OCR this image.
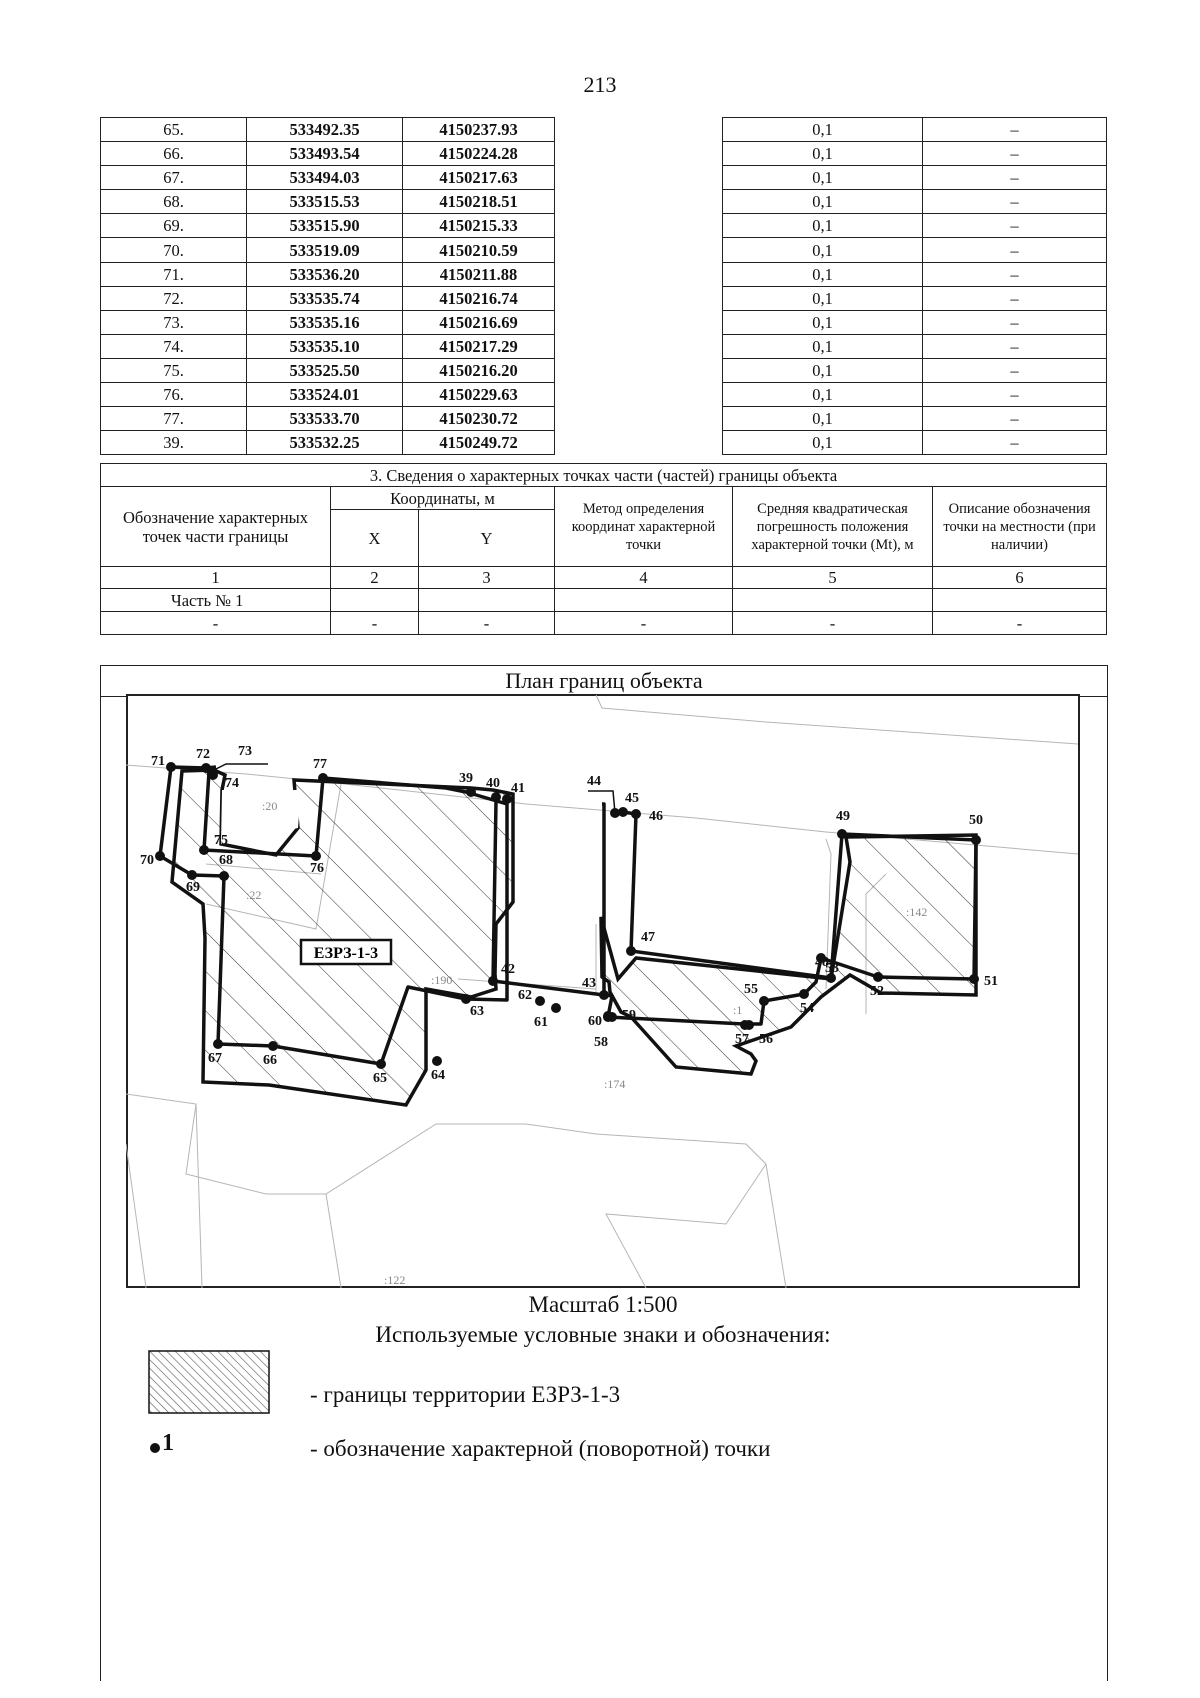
213
65.	533492.35	4150237.93		0,1	–
66.	533493.54	4150224.28		0,1	–
67.	533494.03	4150217.63		0,1	–
68.	533515.53	4150218.51		0,1	–
69.	533515.90	4150215.33		0,1	–
70.	533519.09	4150210.59		0,1	–
71.	533536.20	4150211.88		0,1	–
72.	533535.74	4150216.74		0,1	–
73.	533535.16	4150216.69		0,1	–
74.	533535.10	4150217.29		0,1	–
75.	533525.50	4150216.20		0,1	–
76.	533524.01	4150229.63		0,1	–
77.	533533.70	4150230.72		0,1	–
39.	533532.25	4150249.72		0,1	–
3. Сведения о характерных точках части (частей) границы объекта					
Обозначение характерных точек части границы	Координаты, м		Метод определения координат характерной точки	Средняя квадратическая погрешность положения характерной точки (Mt), м	Описание обозначения точки на местности (при наличии)
	X	Y			
1	2	3	4	5	6
Часть № 1					
-	-	-	-	-	-
План границ объекта
:20
:22
:190
:1
:142
:174
:122
ЕЗРЗ-1-3
71 72 73
74
77
39 40 41	44
45
46	49	50
75
76
70	68
69
42
43
47
48
62
61
63
60 59
53
52
51
55
54
58	57 56
67	66
65	64
Масштаб 1:500
Используемые условные знаки и обозначения:
- границы территории ЕЗРЗ-1-3
1	- обозначение характерной (поворотной) точки
